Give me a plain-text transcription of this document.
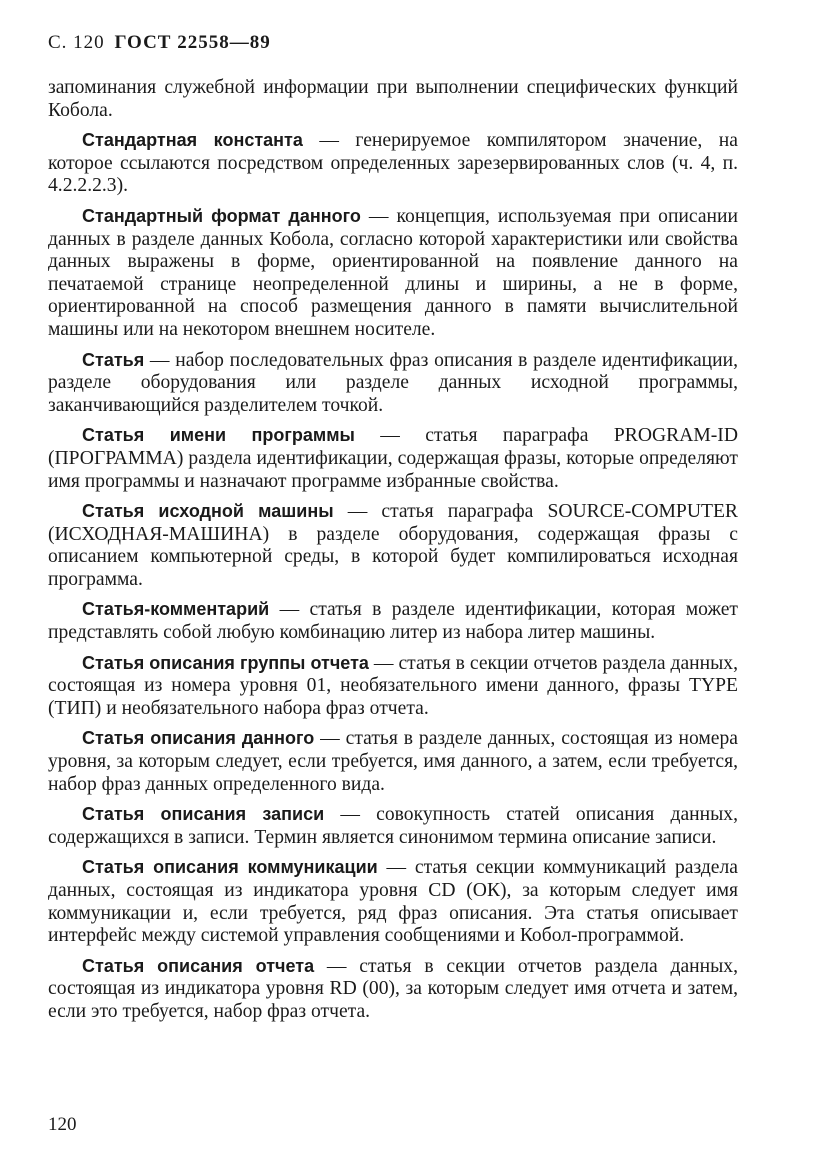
С. 120 ГОСТ 22558—89

запоминания служебной информации при выполнении специфических функций Кобола.

Стандартная константа — генерируемое компилятором значение, на которое ссылаются посредством определенных зарезервированных слов (ч. 4, п. 4.2.2.2.3).

Стандартный формат данного — концепция, используемая при описании данных в разделе данных Кобола, согласно которой характеристики или свойства данных выражены в форме, ориентированной на появление данного на печатаемой странице неопределенной длины и ширины, а не в форме, ориентированной на способ размещения данного в памяти вычислительной машины или на некотором внешнем носителе.

Статья — набор последовательных фраз описания в разделе идентификации, разделе оборудования или разделе данных исходной программы, заканчивающийся разделителем точкой.

Статья имени программы — статья параграфа PROGRAM-ID (ПРОГРАММА) раздела идентификации, содержащая фразы, которые определяют имя программы и назначают программе избранные свойства.

Статья исходной машины — статья параграфа SOURCE-COMPUTER (ИСХОДНАЯ-МАШИНА) в разделе оборудования, содержащая фразы с описанием компьютерной среды, в которой будет компилироваться исходная программа.

Статья-комментарий — статья в разделе идентификации, которая может представлять собой любую комбинацию литер из набора литер машины.

Статья описания группы отчета — статья в секции отчетов раздела данных, состоящая из номера уровня 01, необязательного имени данного, фразы TYPE (ТИП) и необязательного набора фраз отчета.

Статья описания данного — статья в разделе данных, состоящая из номера уровня, за которым следует, если требуется, имя данного, а затем, если требуется, набор фраз данных определенного вида.

Статья описания записи — совокупность статей описания данных, содержащихся в записи. Термин является синонимом термина описание записи.

Статья описания коммуникации — статья секции коммуникаций раздела данных, состоящая из индикатора уровня CD (ОК), за которым следует имя коммуникации и, если требуется, ряд фраз описания. Эта статья описывает интерфейс между системой управления сообщениями и Кобол-программой.

Статья описания отчета — статья в секции отчетов раздела данных, состоящая из индикатора уровня RD (00), за которым следует имя отчета и затем, если это требуется, набор фраз отчета.

120
